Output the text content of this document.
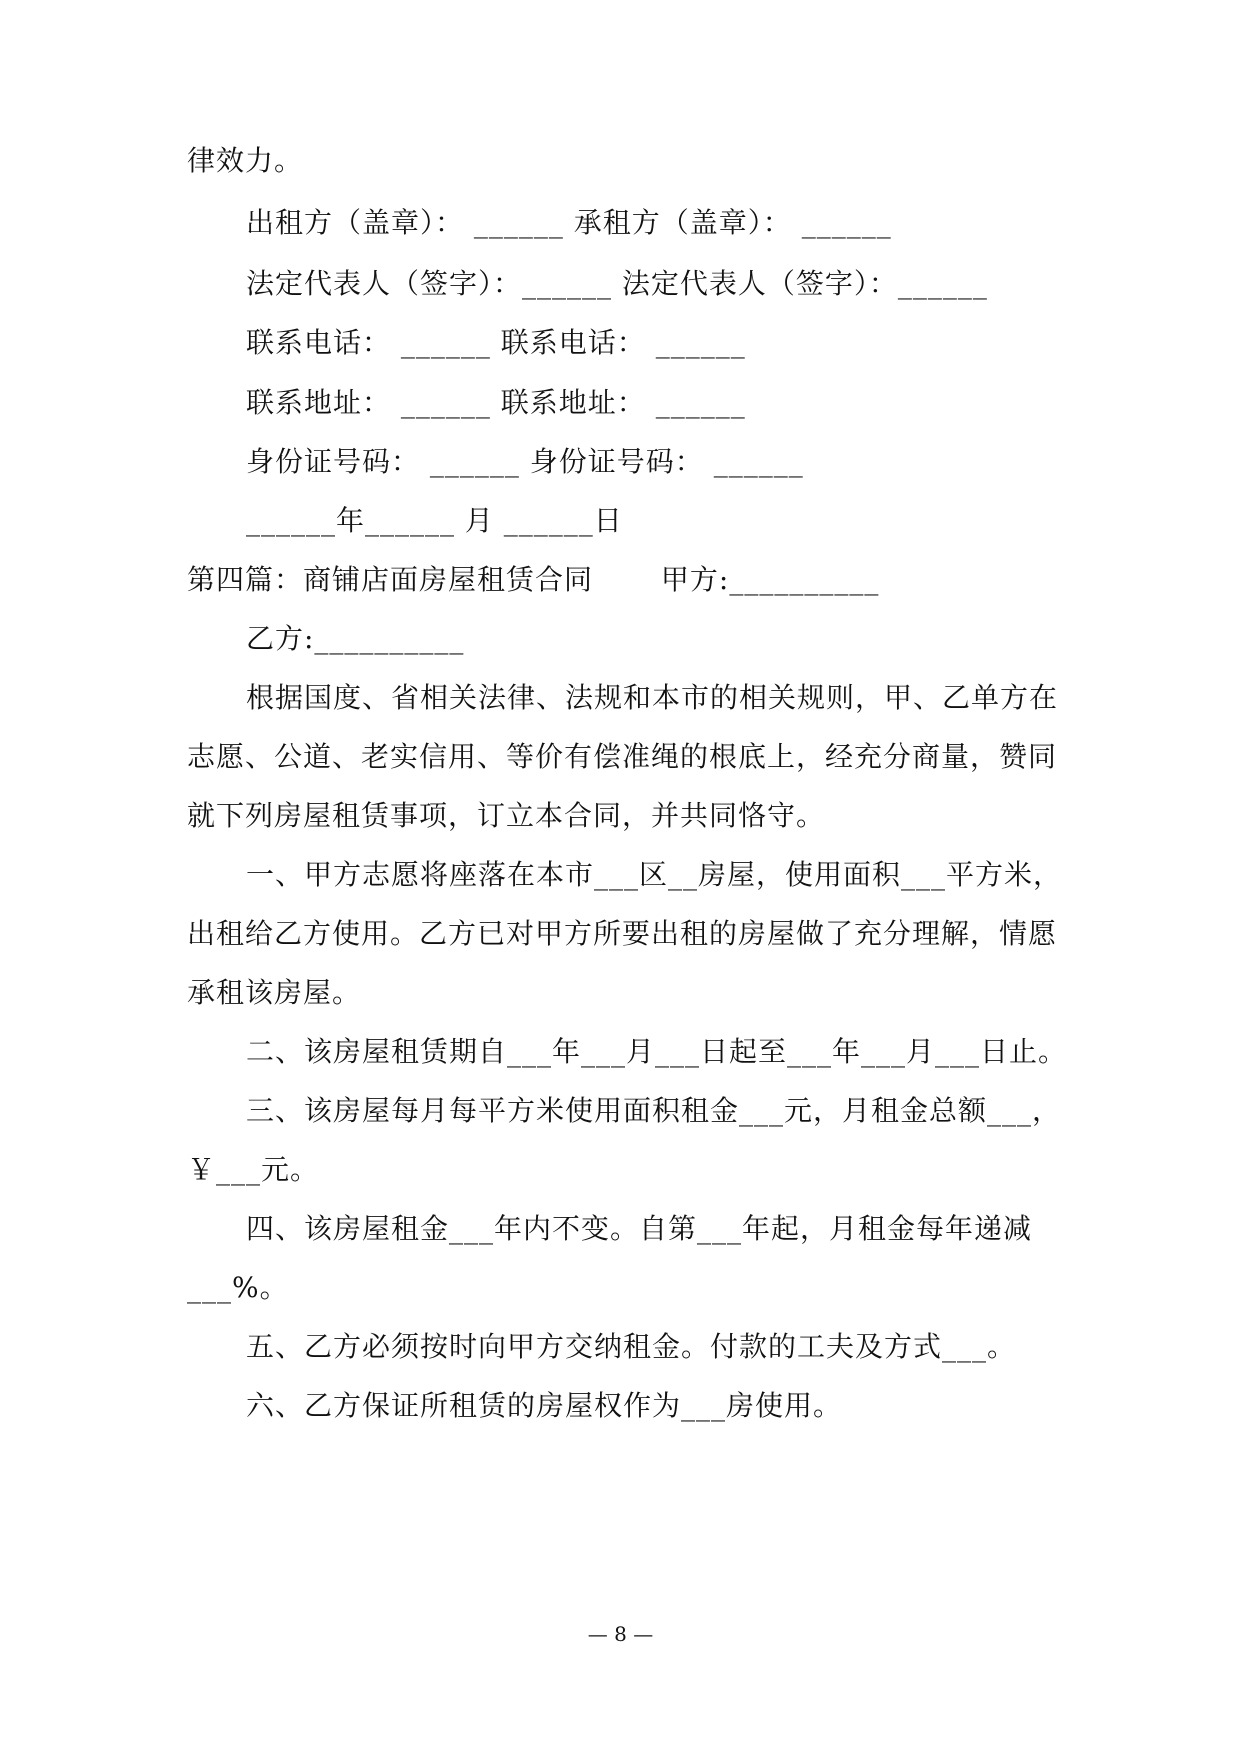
律效力。
出租方（盖章）： ______ 承租方（盖章）： ______
法定代表人（签字）：______ 法定代表人（签字）：______
联系电话： ______ 联系电话： ______
联系地址： ______ 联系地址： ______
身份证号码： ______ 身份证号码： ______
______年______ 月 ______日
第四篇：商铺店面房屋租赁合同　　 甲方:__________
乙方:__________
根据国度、省相关法律、法规和本市的相关规则，甲、乙单方在
志愿、公道、老实信用、等价有偿准绳的根底上，经充分商量，赞同
就下列房屋租赁事项，订立本合同，并共同恪守。
一、甲方志愿将座落在本市___区__房屋，使用面积___平方米，
出租给乙方使用。乙方已对甲方所要出租的房屋做了充分理解，情愿
承租该房屋。
二、该房屋租赁期自___年___月___日起至___年___月___日止。
三、该房屋每月每平方米使用面积租金___元，月租金总额___，
￥___元。
四、该房屋租金___年内不变。自第___年起，月租金每年递减
___%。
五、乙方必须按时向甲方交纳租金。付款的工夫及方式___。
六、乙方保证所租赁的房屋权作为___房使用。
— 8 —
